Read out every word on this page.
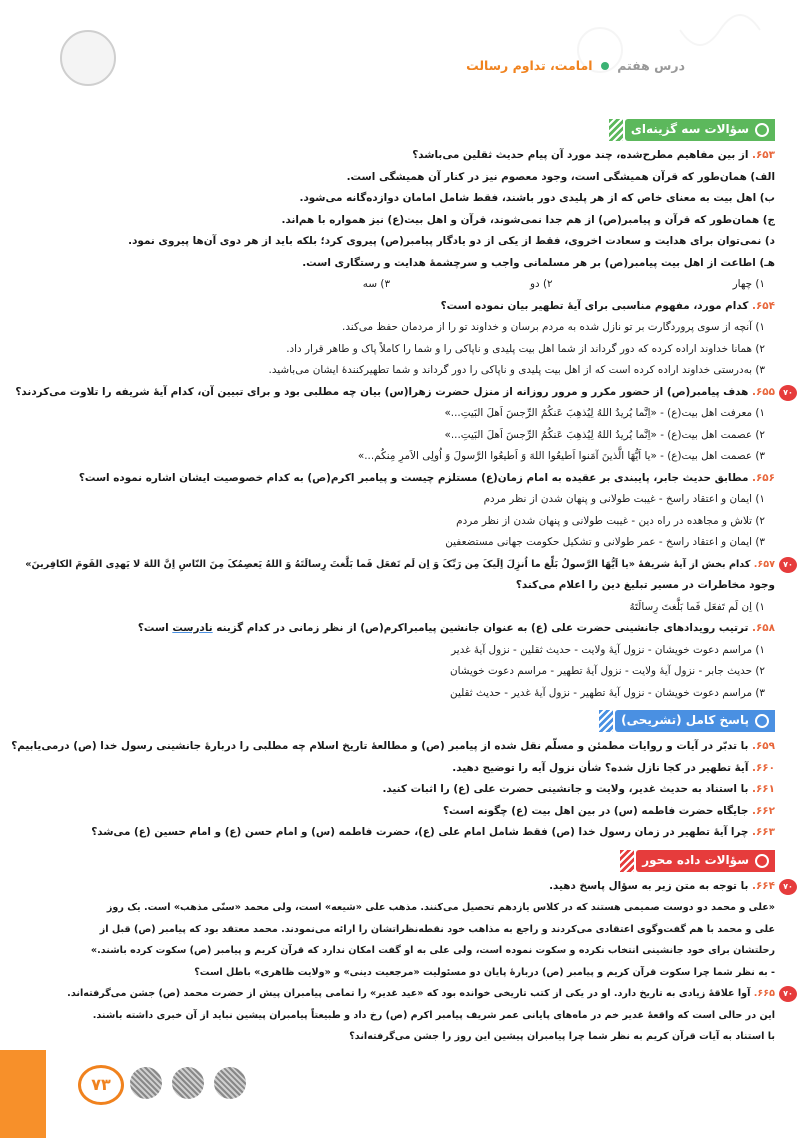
درس هفتم  امامت، تداوم رسالت
سؤالات سه گزینه‌ای
۶۵۳. از بین مفاهیم مطرح‌شده، چند مورد آن پیام حدیث ثقلین می‌باشد؟
الف) همان‌طور که قرآن همیشگی است، وجود معصوم نیز در کنار آن همیشگی است.
ب) اهل بیت به معنای خاص که از هر پلیدی دور باشند، فقط شامل امامان دوازده‌گانه می‌شود.
ج) همان‌طور که قرآن و پیامبر(ص) از هم جدا نمی‌شوند، قرآن و اهل بیت(ع) نیز همواره با هم‌اند.
د) نمی‌توان برای هدایت و سعادت اخروی، فقط از یکی از دو یادگار پیامبر(ص) پیروی کرد؛ بلکه باید از هر دوی آن‌ها پیروی نمود.
هـ) اطاعت از اهل بیت پیامبر(ص) بر هر مسلمانی واجب و سرچشمهٔ هدایت و رستگاری است.
۱) چهار
۲) دو
۳) سه
۶۵۴. کدام مورد، مفهوم مناسبی برای آیهٔ تطهیر بیان نموده است؟
۱) آنچه از سوی پروردگارت بر تو نازل شده به مردم برسان و خداوند تو را از مردمان حفظ می‌کند.
۲) همانا خداوند اراده کرده که دور گرداند از شما اهل بیت پلیدی و ناپاکی را و شما را کاملاً پاک و طاهر قرار داد.
۳) به‌درستی خداوند اراده کرده است که از اهل بیت پلیدی و ناپاکی را دور گرداند و شما تطهیرکنندهٔ ایشان می‌باشید.
۷۰
۶۵۵. هدف پیامبر(ص) از حضور مکرر و مرور روزانه از منزل حضرت زهرا(س) بیان چه مطلبی بود و برای تبیین آن، کدام آیهٔ شریفه را تلاوت می‌کردند؟
۱) معرفت اهل بیت(ع) - «اِنَّما یُریدُ اللهُ لِیُذهِبَ عَنکُمُ الرِّجسَ اَهلَ البَیتِ...»
۲) عصمت اهل بیت(ع) - «اِنَّما یُریدُ اللهُ لِیُذهِبَ عَنکُمُ الرِّجسَ اَهلَ البَیتِ...»
۳) عصمت اهل بیت(ع) - «یا اَیُّهَا الَّذینَ آمَنوا اَطیعُوا اللهَ وَ اَطیعُوا الرَّسولَ وَ اُولِی الاَمرِ مِنکُم...»
۶۵۶. مطابق حدیث جابر، پایبندی بر عقیده به امام زمان(ع) مستلزم چیست و پیامبر اکرم(ص) به کدام خصوصیت ایشان اشاره نموده است؟
۱) ایمان و اعتقاد راسخ - غیبت طولانی و پنهان شدن از نظر مردم
۲) تلاش و مجاهده در راه دین - غیبت طولانی و پنهان شدن از نظر مردم
۳) ایمان و اعتقاد راسخ - عمر طولانی و تشکیل حکومت جهانی مستضعفین
۷۰
۶۵۷. کدام بخش از آیهٔ شریفهٔ «یا اَیُّهَا الرَّسولُ بَلِّغ ما اُنزِلَ اِلَیکَ مِن رَبِّکَ وَ اِن لَم تَفعَل فَما بَلَّغتَ رِسالَتَهُ وَ اللهُ یَعصِمُکَ مِنَ النّاسِ اِنَّ اللهَ لا یَهدِی القَومَ الکافِرینَ»
وجود مخاطرات در مسیر تبلیغ دین را اعلام می‌کند؟
۱) اِن لَم تَفعَل فَما بَلَّغتَ رِسالَتَهُ
۶۵۸. ترتیب رویدادهای جانشینی حضرت علی (ع) به عنوان جانشین پیامبراکرم(ص) از نظر زمانی در کدام گزینه نادرست است؟
۱) مراسم دعوت خویشان - نزول آیهٔ ولایت - حدیث ثقلین - نزول آیهٔ غدیر
۲) حدیث جابر - نزول آیهٔ ولایت - نزول آیهٔ تطهیر - مراسم دعوت خویشان
۳) مراسم دعوت خویشان - نزول آیهٔ تطهیر - نزول آیهٔ غدیر - حدیث ثقلین
پاسخ کامل (تشریحی)
۶۵۹. با تدبّر در آیات و روایات مطمئن و مسلّم نقل شده از پیامبر (ص) و مطالعهٔ تاریخ اسلام چه مطلبی را دربارهٔ جانشینی رسول خدا (ص) درمی‌یابیم؟
۶۶۰. آیهٔ تطهیر در کجا نازل شده؟ شأن نزول آیه را توضیح دهید.
۶۶۱. با استناد به حدیث غدیر، ولایت و جانشینی حضرت علی (ع) را اثبات کنید.
۶۶۲. جایگاه حضرت فاطمه (س) در بین اهل بیت (ع) چگونه است؟
۶۶۳. چرا آیهٔ تطهیر در زمان رسول خدا (ص) فقط شامل امام علی (ع)، حضرت فاطمه (س) و امام حسن (ع) و امام حسین (ع) می‌شد؟
سؤالات داده محور
۷۰
۶۶۴. با توجه به متن زیر به سؤال پاسخ دهید.
«علی و محمد دو دوست صمیمی هستند که در کلاس یازدهم تحصیل می‌کنند. مذهب علی «شیعه» است، ولی محمد «سنّی مذهب» است. یک روز
علی و محمد با هم گفت‌وگوی اعتقادی می‌کردند و راجع به مذاهب خود نقطه‌نظراتشان را ارائه می‌نمودند. محمد معتقد بود که پیامبر (ص) قبل از
رحلتشان برای خود جانشینی انتخاب نکرده و سکوت نموده است، ولی علی به او گفت امکان ندارد که قرآن کریم و پیامبر (ص) سکوت کرده باشند.»
- به نظر شما چرا سکوت قرآن کریم و پیامبر (ص) دربارهٔ پایان دو مسئولیت «مرجعیت دینی» و «ولایت ظاهری» باطل است؟
۷۰
۶۶۵. آوا علاقهٔ زیادی به تاریخ دارد. او در یکی از کتب تاریخی خوانده بود که «عید غدیر» را تمامی پیامبران پیش از حضرت محمد (ص) جشن می‌گرفته‌اند.
این در حالی است که واقعهٔ غدیر خم در ماه‌های پایانی عمر شریف پیامبر اکرم (ص) رخ داد و طبیعتاً پیامبران پیشین نباید از آن خبری داشته باشند.
با استناد به آیات قرآن کریم به نظر شما چرا پیامبران پیشین این روز را جشن می‌گرفته‌اند؟
۷۳
